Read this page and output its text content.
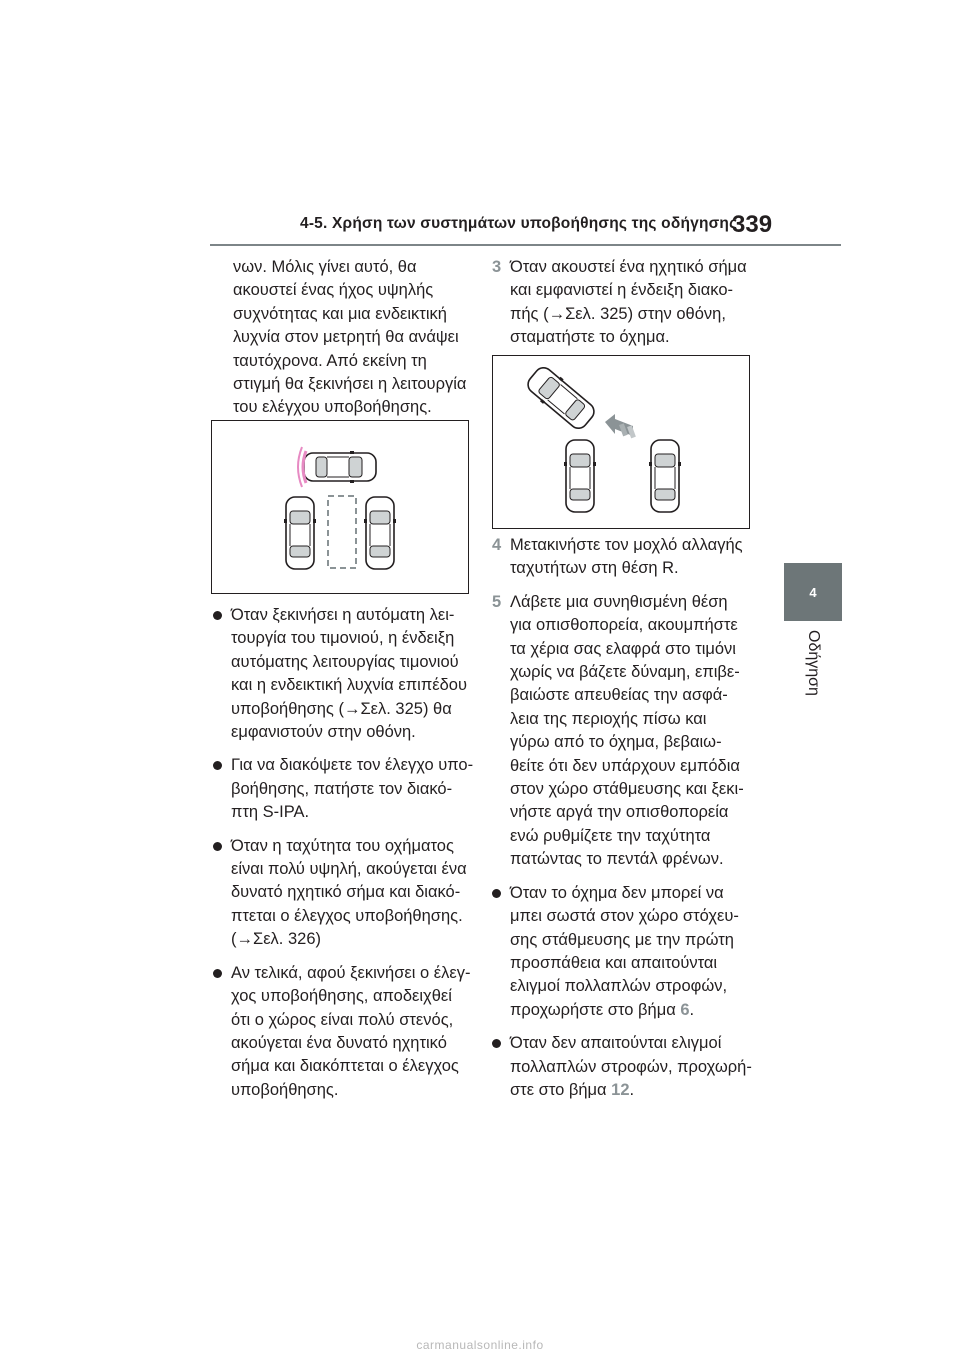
4-5. Χρήση των συστημάτων υποβοήθησης της οδήγησης
339
4
Οδήγηση

νων. Μόλις γίνει αυτό, θα

ακουστεί ένας ήχος υψηλής

συχνότητας και μια ενδεικτική

λυχνία στον μετρητή θα ανάψει

ταυτόχρονα. Από εκείνη τη

στιγμή θα ξεκινήσει η λειτουργία

του ελέγχου υποβοήθησης.

Όταν ξεκινήσει η αυτόματη λει-

τουργία του τιμονιού, η ένδειξη

αυτόματης λειτουργίας τιμονιού

και η ενδεικτική λυχνία επιπέδου

υποβοήθησης (→Σελ. 325) θα

εμφανιστούν στην οθόνη.

Για να διακόψετε τον έλεγχο υπο-

βοήθησης, πατήστε τον διακό-

πτη S-IPA.

Όταν η ταχύτητα του οχήματος

είναι πολύ υψηλή, ακούγεται ένα

δυνατό ηχητικό σήμα και διακό-

πτεται ο έλεγχος υποβοήθησης.

(→Σελ. 326)

Αν τελικά, αφού ξεκινήσει ο έλεγ-

χος υποβοήθησης, αποδειχθεί

ότι ο χώρος είναι πολύ στενός,

ακούγεται ένα δυνατό ηχητικό

σήμα και διακόπτεται ο έλεγχος

υποβοήθησης.

3 Όταν ακουστεί ένα ηχητικό σήμα

και εμφανιστεί η ένδειξη διακο-

πής (→Σελ. 325) στην οθόνη,

σταματήστε το όχημα.

4 Μετακινήστε τον μοχλό αλλαγής

ταχυτήτων στη θέση R.

5 Λάβετε μια συνηθισμένη θέση

για οπισθοπορεία, ακουμπήστε

τα χέρια σας ελαφρά στο τιμόνι

χωρίς να βάζετε δύναμη, επιβε-

βαιώστε απευθείας την ασφά-

λεια της περιοχής πίσω και

γύρω από το όχημα, βεβαιω-

θείτε ότι δεν υπάρχουν εμπόδια

στον χώρο στάθμευσης και ξεκι-

νήστε αργά την οπισθοπορεία

ενώ ρυθμίζετε την ταχύτητα

πατώντας το πεντάλ φρένων.

Όταν το όχημα δεν μπορεί να

μπει σωστά στον χώρο στόχευ-

σης στάθμευσης με την πρώτη

προσπάθεια και απαιτούνται

ελιγμοί πολλαπλών στροφών,

προχωρήστε στο βήμα 6.

Όταν δεν απαιτούνται ελιγμοί

πολλαπλών στροφών, προχωρή-

στε στο βήμα 12.

carmanualsonline.info
